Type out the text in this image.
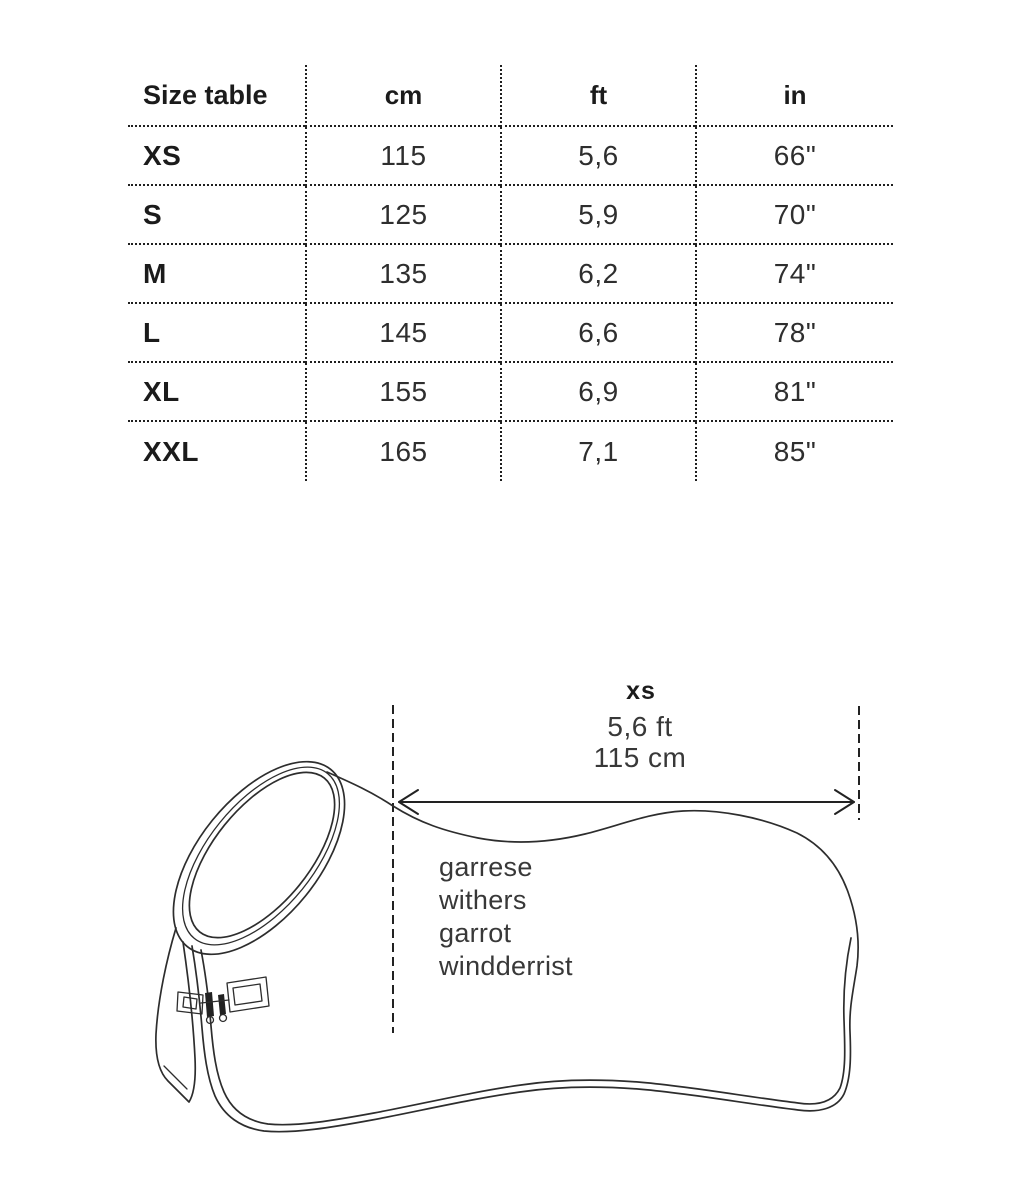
Size table	cm	ft	in
XS	115	5,6	66"
S	125	5,9	70"
M	135	6,2	74"
L	145	6,6	78"
XL	155	6,9	81"
XXL	165	7,1	85"
xs
5,6 ft
115 cm
garrese
withers
garrot
windderrist
